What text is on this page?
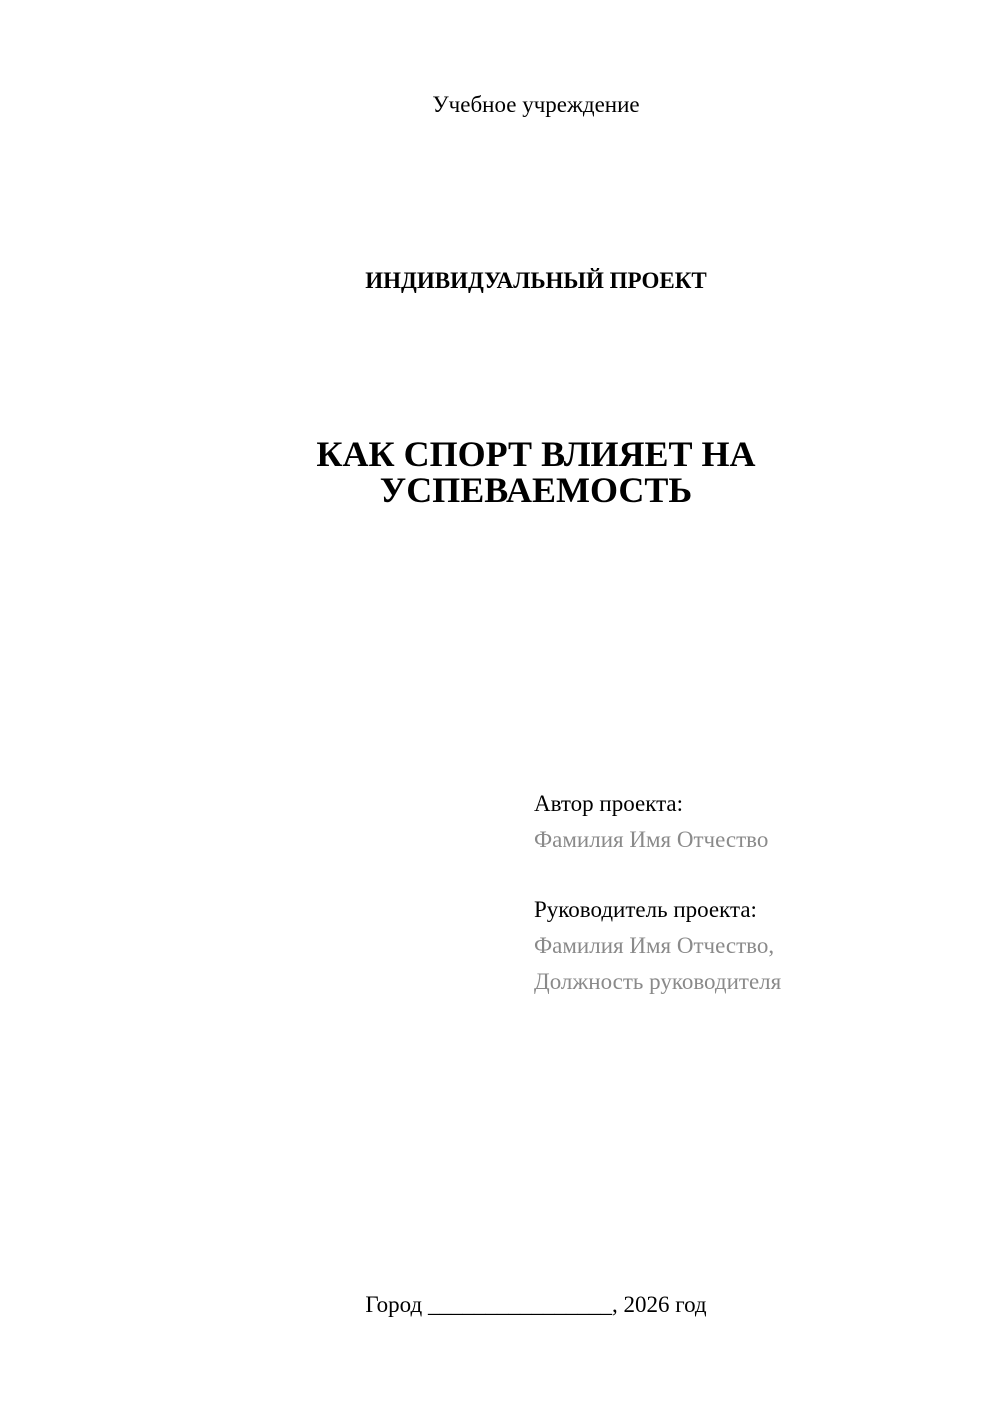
Учебное учреждение
ИНДИВИДУАЛЬНЫЙ ПРОЕКТ
КАК СПОРТ ВЛИЯЕТ НА
УСПЕВАЕМОСТЬ
Автор проекта:
Фамилия Имя Отчество
Руководитель проекта:
Фамилия Имя Отчество,
Должность руководителя
Город ________________, 2026 год
